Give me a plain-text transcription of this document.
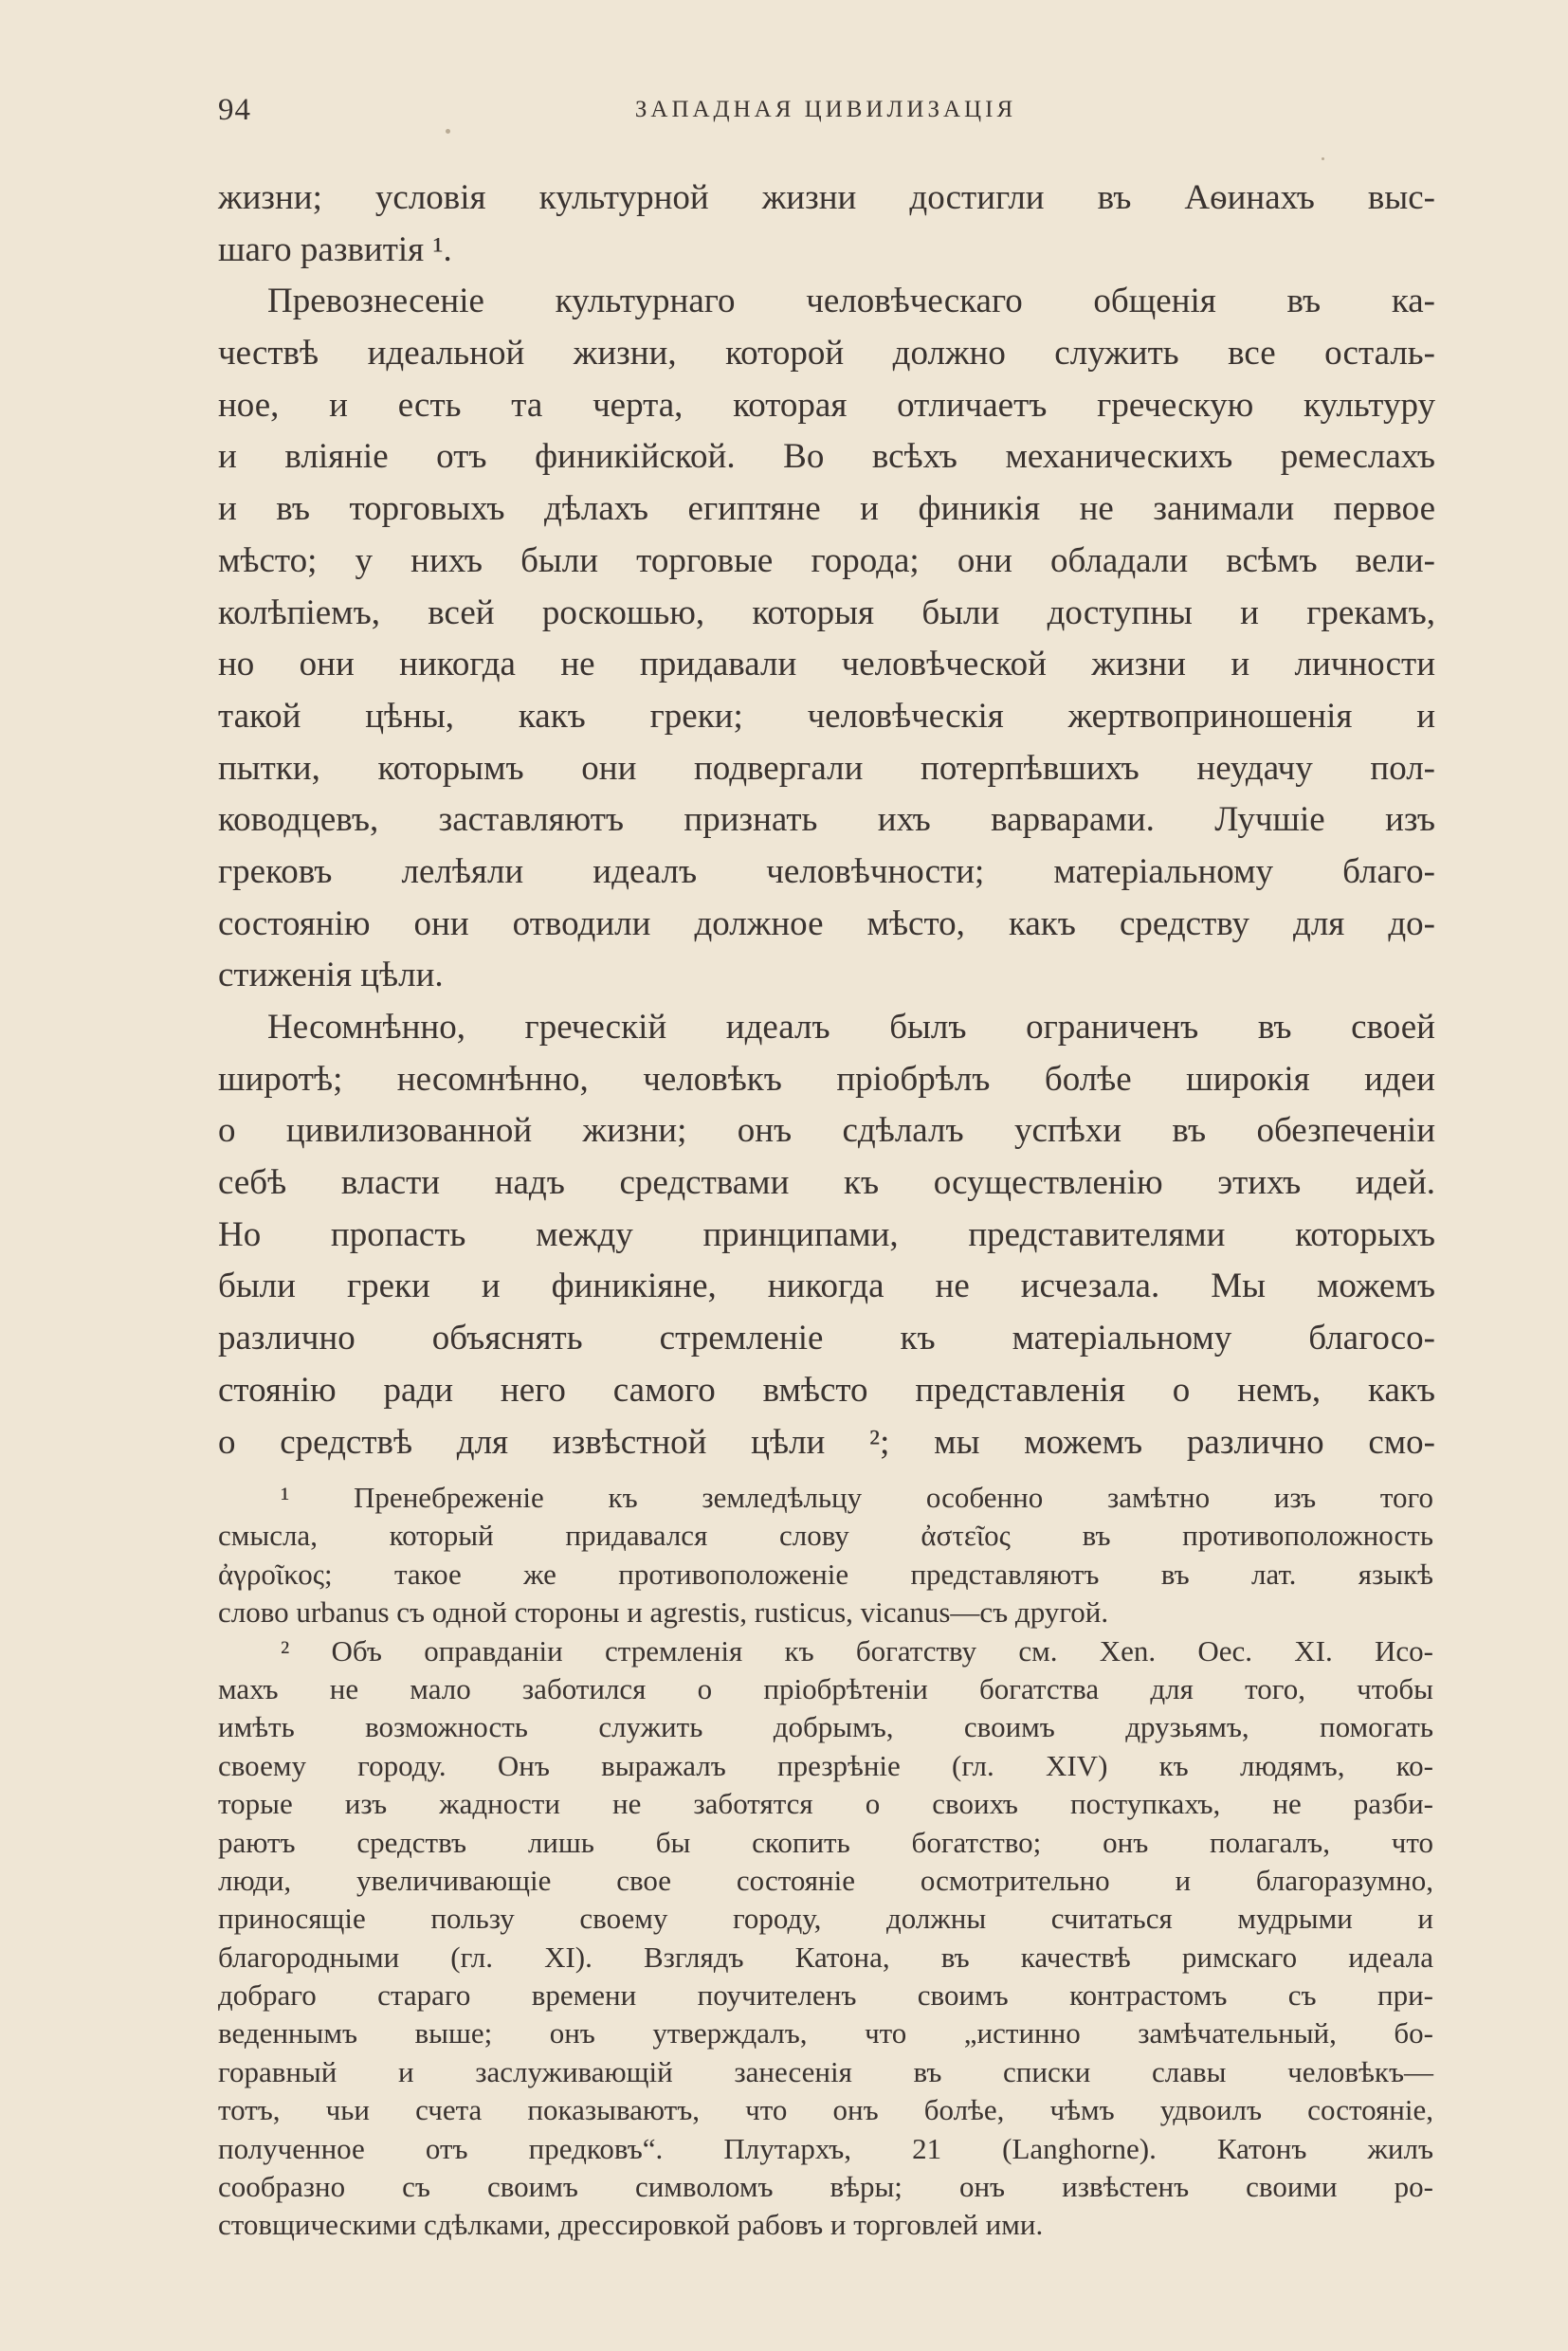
94	ЗАПАДНАЯ ЦИВИЛИЗАЦІЯ
жизни; условія культурной жизни достигли въ Аѳинахъ выс-
шаго развитія ¹.
Превознесеніе культурнаго человѣческаго общенія въ ка-
чествѣ идеальной жизни, которой должно служить все осталь-
ное, и есть та черта, которая отличаетъ греческую культуру
и вліяніе отъ финикійской. Во всѣхъ механическихъ ремеслахъ
и въ торговыхъ дѣлахъ египтяне и финикія не занимали первое
мѣсто; у нихъ были торговые города; они обладали всѣмъ вели-
колѣпіемъ, всей роскошью, которыя были доступны и грекамъ,
но они никогда не придавали человѣческой жизни и личности
такой цѣны, какъ греки; человѣческія жертвоприношенія и
пытки, которымъ они подвергали потерпѣвшихъ неудачу пол-
ководцевъ, заставляютъ признать ихъ варварами. Лучшіе изъ
грековъ лелѣяли идеалъ человѣчности; матеріальному благо-
состоянію они отводили должное мѣсто, какъ средству для до-
стиженія цѣли.
Несомнѣнно, греческій идеалъ былъ ограниченъ въ своей
широтѣ; несомнѣнно, человѣкъ пріобрѣлъ болѣе широкія идеи
о цивилизованной жизни; онъ сдѣлалъ успѣхи въ обезпеченіи
себѣ власти надъ средствами къ осуществленію этихъ идей.
Но пропасть между принципами, представителями которыхъ
были греки и финикіяне, никогда не исчезала. Мы можемъ
различно объяснять стремленіе къ матеріальному благосо-
стоянію ради него самого вмѣсто представленія о немъ, какъ
о средствѣ для извѣстной цѣли ²; мы можемъ различно смо-
¹ Пренебреженіе къ земледѣльцу особенно замѣтно изъ того
смысла, который придавался слову ἀστεῖος въ противоположность
ἀγροῖκος; такое же противоположеніе представляютъ въ лат. языкѣ
слово urbanus съ одной стороны и agrestis, rusticus, vicanus—съ другой.
² Объ оправданіи стремленія къ богатству см. Xen. Oec. XI. Исо-
махъ не мало заботился о пріобрѣтеніи богатства для того, чтобы
имѣть возможность служить добрымъ, своимъ друзьямъ, помогать
своему городу. Онъ выражалъ презрѣніе (гл. XIV) къ людямъ, ко-
торые изъ жадности не заботятся о своихъ поступкахъ, не разби-
раютъ средствъ лишь бы скопить богатство; онъ полагалъ, что
люди, увеличивающіе свое состояніе осмотрительно и благоразумно,
приносящіе пользу своему городу, должны считаться мудрыми и
благородными (гл. XI). Взглядъ Катона, въ качествѣ римскаго идеала
добраго стараго времени поучителенъ своимъ контрастомъ съ при-
веденнымъ выше; онъ утверждалъ, что „истинно замѣчательный, бо-
горавный и заслуживающій занесенія въ списки славы человѣкъ—
тотъ, чьи счета показываютъ, что онъ болѣе, чѣмъ удвоилъ состояніе,
полученное отъ предковъ“. Плутархъ, 21 (Langhorne). Катонъ жилъ
сообразно съ своимъ символомъ вѣры; онъ извѣстенъ своими ро-
стовщическими сдѣлками, дрессировкой рабовъ и торговлей ими.
